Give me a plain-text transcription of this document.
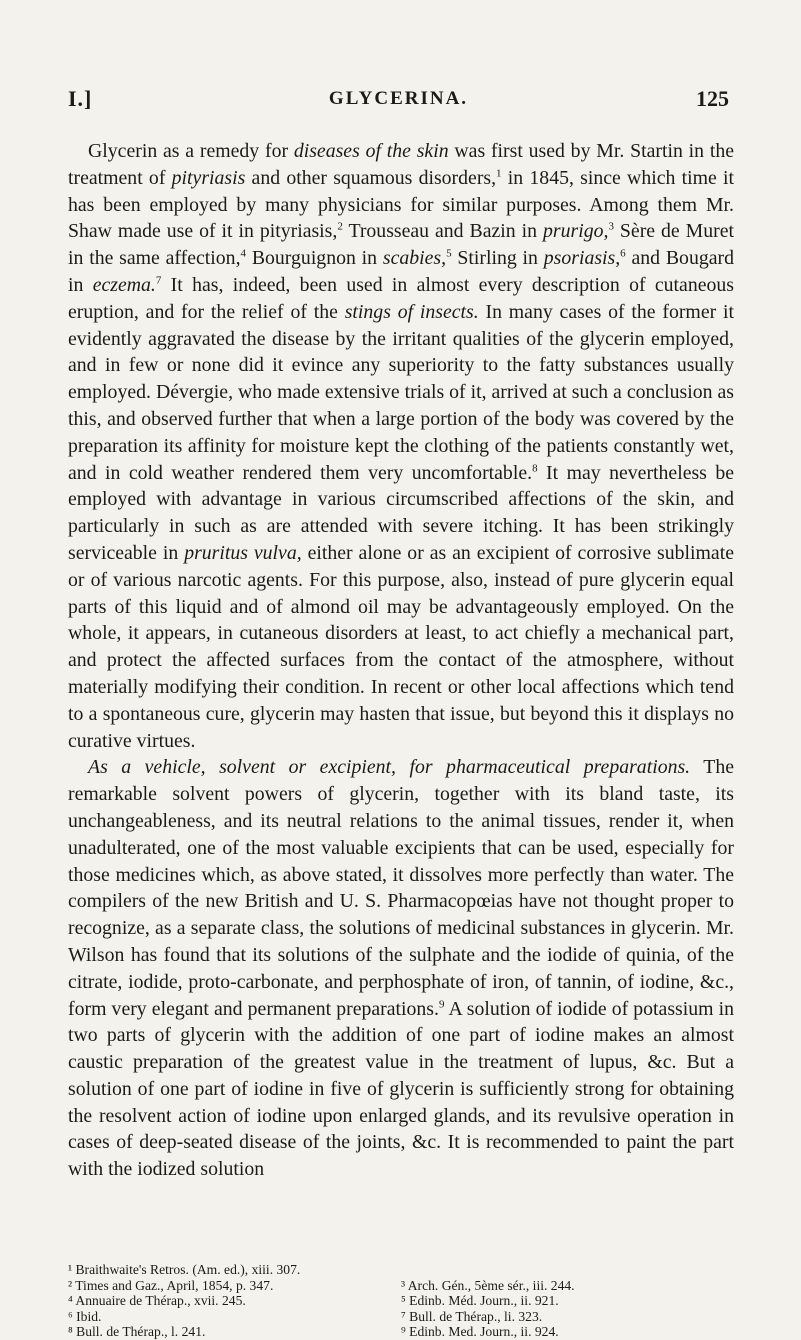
I.]	GLYCERINA.	125

Glycerin as a remedy for diseases of the skin was first used by Mr. Startin in the treatment of pityriasis and other squamous disorders,$^1$ in 1845, since which time it has been employed by many physicians for similar purposes. Among them Mr. Shaw made use of it in pityriasis,$^2$ Trousseau and Bazin in prurigo,$^3$ Sère de Muret in the same affection,$^4$ Bourguignon in scabies,$^5$ Stirling in psoriasis,$^6$ and Bougard in eczema.$^7$ It has, indeed, been used in almost every description of cutaneous eruption, and for the relief of the stings of insects. In many cases of the former it evidently aggravated the disease by the irritant qualities of the glycerin employed, and in few or none did it evince any superiority to the fatty substances usually employed. Dévergie, who made extensive trials of it, arrived at such a conclusion as this, and observed further that when a large portion of the body was covered by the preparation its affinity for moisture kept the clothing of the patients constantly wet, and in cold weather rendered them very uncomfortable.$^8$ It may nevertheless be employed with advantage in various circumscribed affections of the skin, and particularly in such as are attended with severe itching. It has been strikingly serviceable in pruritus vulva, either alone or as an excipient of corrosive sublimate or of various narcotic agents. For this purpose, also, instead of pure glycerin equal parts of this liquid and of almond oil may be advantageously employed. On the whole, it appears, in cutaneous disorders at least, to act chiefly a mechanical part, and protect the affected surfaces from the contact of the atmosphere, without materially modifying their condition. In recent or other local affections which tend to a spontaneous cure, glycerin may hasten that issue, but beyond this it displays no curative virtues.

As a vehicle, solvent or excipient, for pharmaceutical preparations. The remarkable solvent powers of glycerin, together with its bland taste, its unchangeableness, and its neutral relations to the animal tissues, render it, when unadulterated, one of the most valuable excipients that can be used, especially for those medicines which, as above stated, it dissolves more perfectly than water. The compilers of the new British and U. S. Pharmacopœias have not thought proper to recognize, as a separate class, the solutions of medicinal substances in glycerin. Mr. Wilson has found that its solutions of the sulphate and the iodide of quinia, of the citrate, iodide, proto-carbonate, and perphosphate of iron, of tannin, of iodine, &c., form very elegant and permanent preparations.$^9$ A solution of iodide of potassium in two parts of glycerin with the addition of one part of iodine makes an almost caustic preparation of the greatest value in the treatment of lupus, &c. But a solution of one part of iodine in five of glycerin is sufficiently strong for obtaining the resolvent action of iodine upon enlarged glands, and its revulsive operation in cases of deep-seated disease of the joints, &c. It is recommended to paint the part with the iodized solution

¹ Braithwaite's Retros. (Am. ed.), xiii. 307.
² Times and Gaz., April, 1854, p. 347.	³ Arch. Gén., 5ème sér., iii. 244.
⁴ Annuaire de Thérap., xvii. 245.	⁵ Edinb. Méd. Journ., ii. 921.
⁶ Ibid.	⁷ Bull. de Thérap., li. 323.
⁸ Bull. de Thérap., l. 241.	⁹ Edinb. Med. Journ., ii. 924.
